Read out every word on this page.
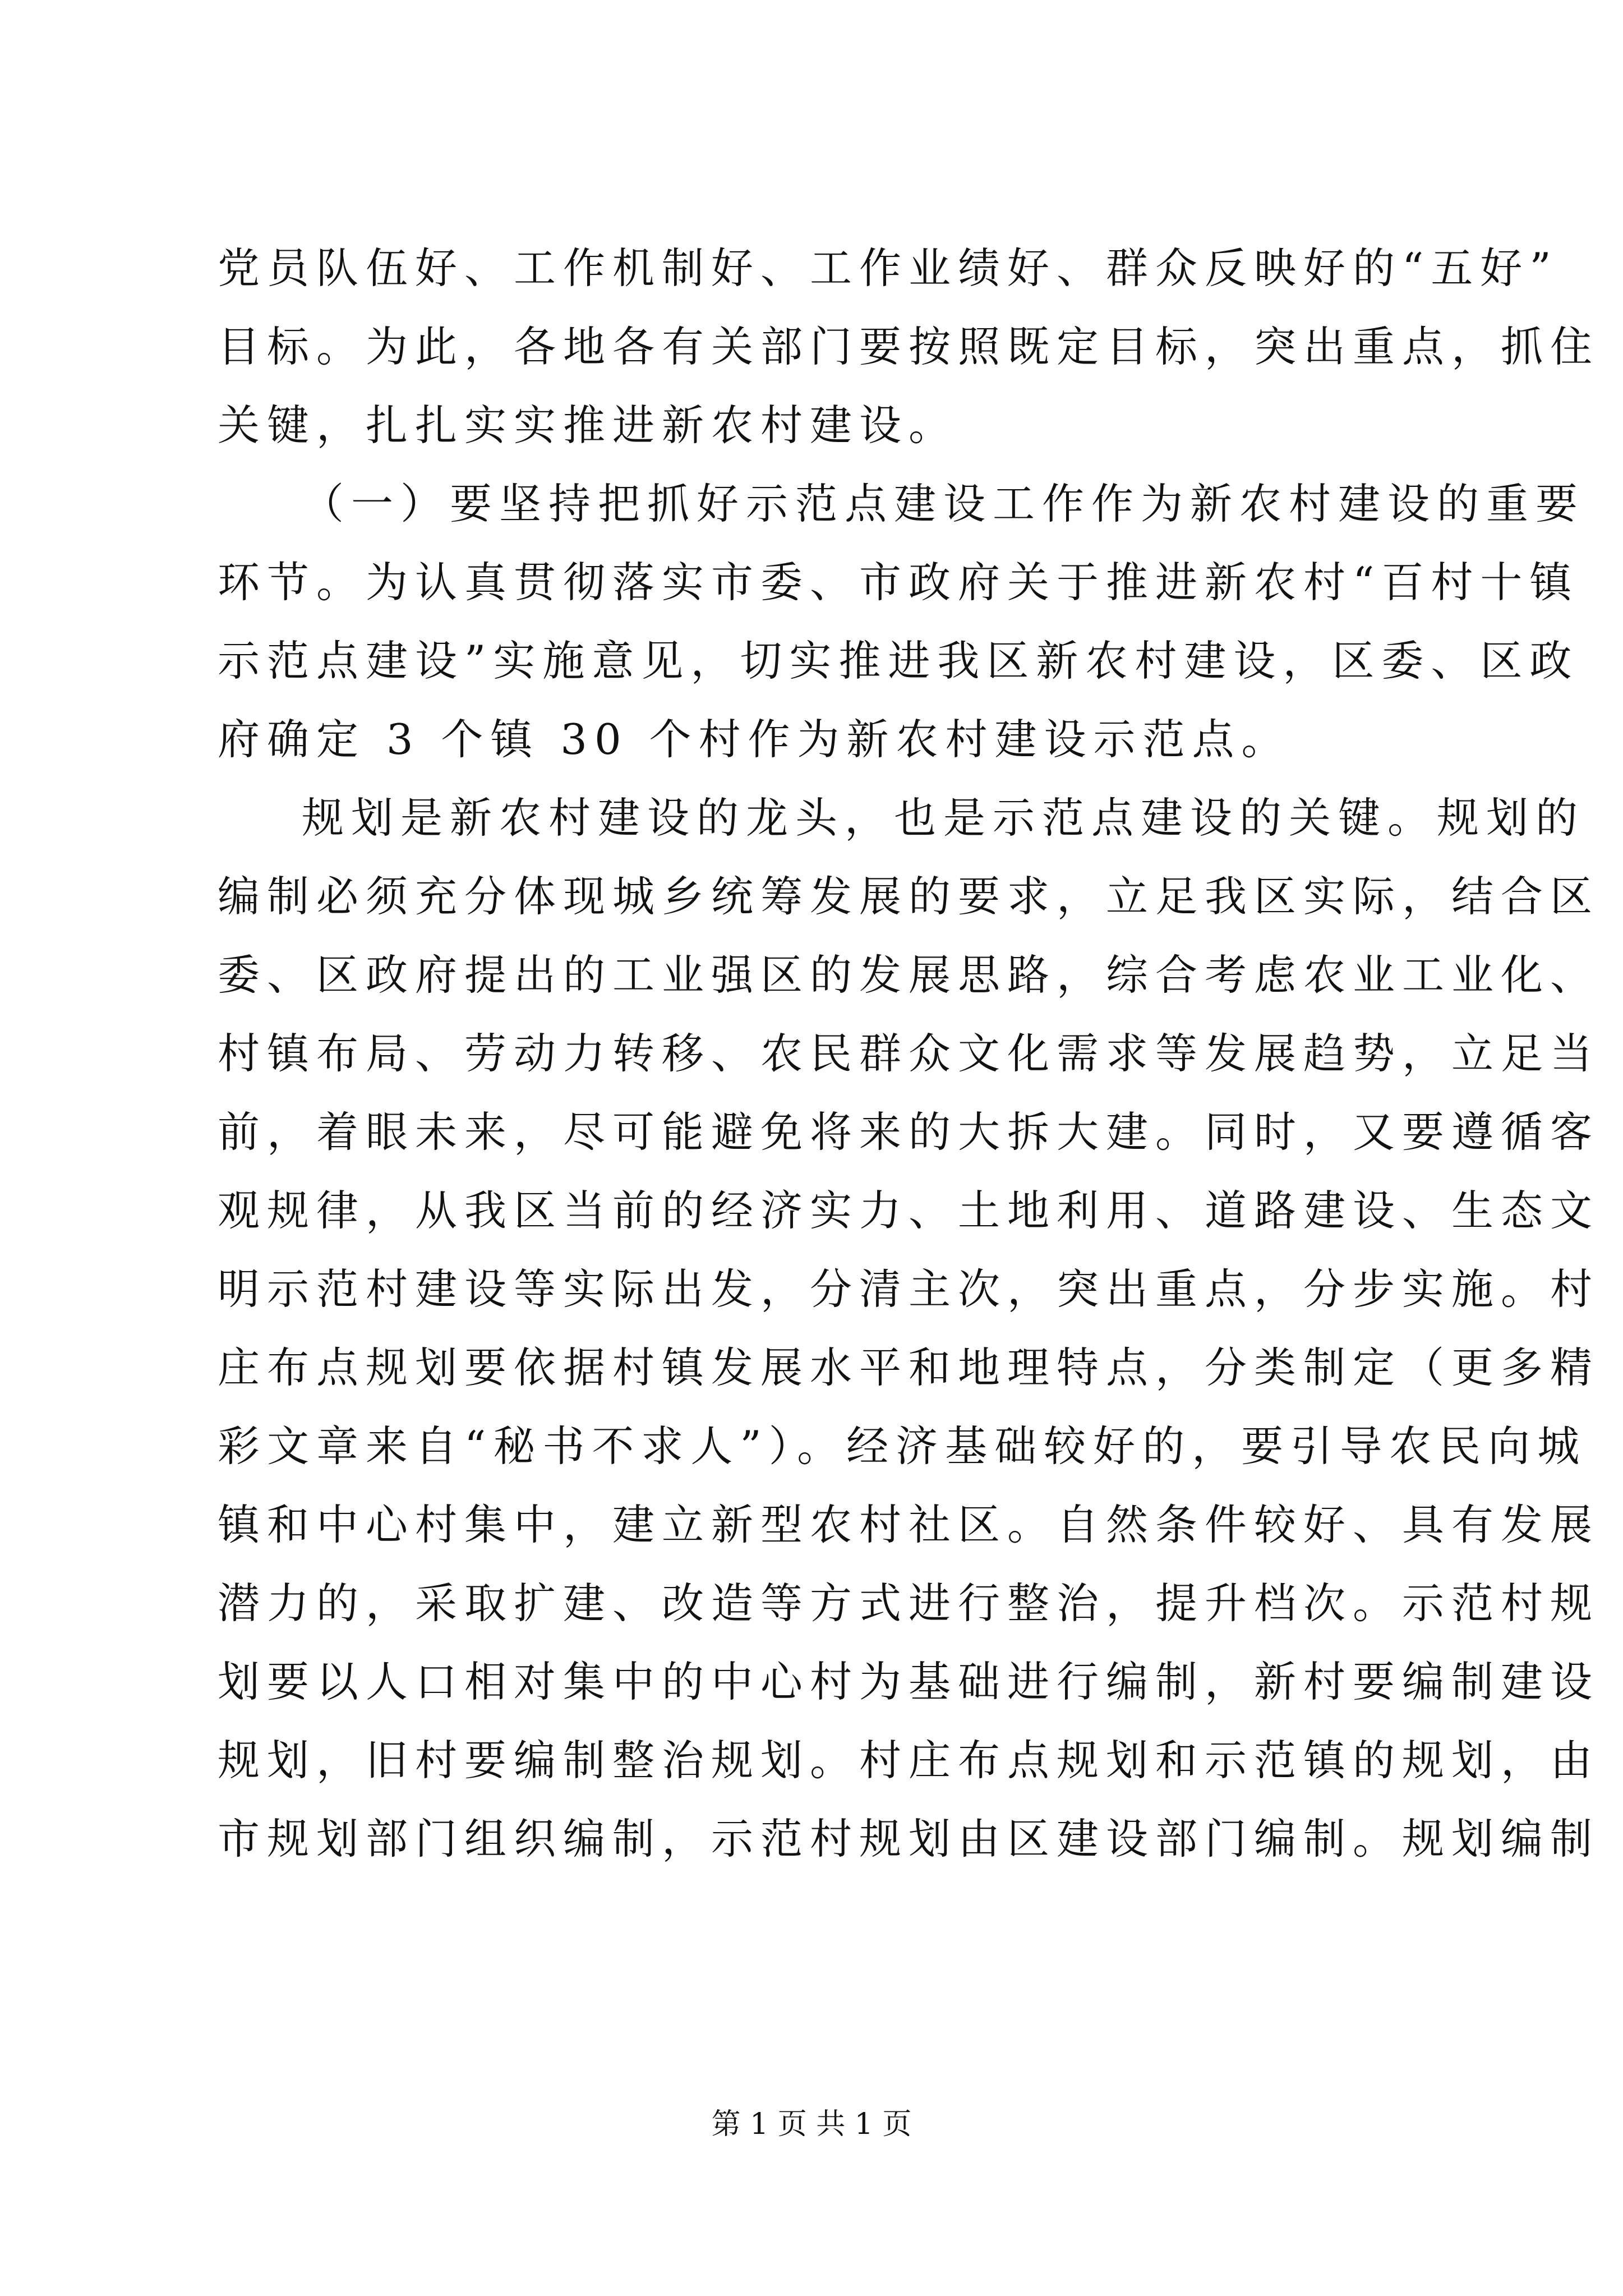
党员队伍好、工作机制好、工作业绩好、群众反映好的“五好”
目标。为此，各地各有关部门要按照既定目标，突出重点，抓住
关键，扎扎实实推进新农村建设。
（一）要坚持把抓好示范点建设工作作为新农村建设的重要
环节。为认真贯彻落实市委、市政府关于推进新农村“百村十镇
示范点建设”实施意见，切实推进我区新农村建设，区委、区政
府确定 3 个镇 30 个村作为新农村建设示范点。
规划是新农村建设的龙头，也是示范点建设的关键。规划的
编制必须充分体现城乡统筹发展的要求，立足我区实际，结合区
委、区政府提出的工业强区的发展思路，综合考虑农业工业化、
村镇布局、劳动力转移、农民群众文化需求等发展趋势，立足当
前，着眼未来，尽可能避免将来的大拆大建。同时，又要遵循客
观规律，从我区当前的经济实力、土地利用、道路建设、生态文
明示范村建设等实际出发，分清主次，突出重点，分步实施。村
庄布点规划要依据村镇发展水平和地理特点，分类制定（更多精
彩文章来自“秘书不求人”）。经济基础较好的，要引导农民向城
镇和中心村集中，建立新型农村社区。自然条件较好、具有发展
潜力的，采取扩建、改造等方式进行整治，提升档次。示范村规
划要以人口相对集中的中心村为基础进行编制，新村要编制建设
规划，旧村要编制整治规划。村庄布点规划和示范镇的规划，由
市规划部门组织编制，示范村规划由区建设部门编制。规划编制
第 1 页 共 1 页
